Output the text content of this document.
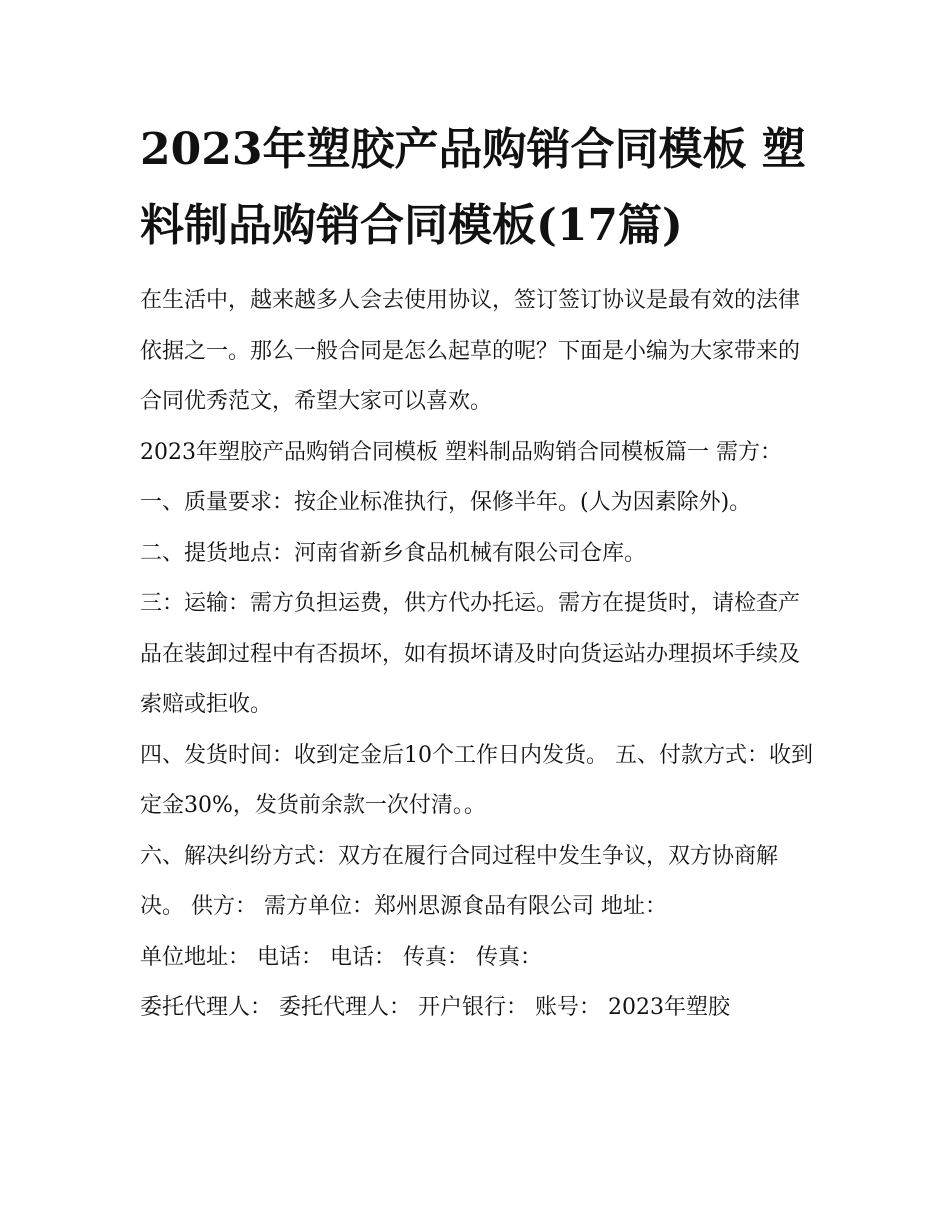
2023年塑胶产品购销合同模板 塑料制品购销合同模板(17篇)

在生活中，越来越多人会去使用协议，签订签订协议是最有效的法律依据之一。那么一般合同是怎么起草的呢？下面是小编为大家带来的合同优秀范文，希望大家可以喜欢。

2023年塑胶产品购销合同模板 塑料制品购销合同模板篇一 需方： 一、质量要求：按企业标准执行，保修半年。(人为因素除外)。

二、提货地点：河南省新乡食品机械有限公司仓库。

三：运输：需方负担运费，供方代办托运。需方在提货时，请检查产品在装卸过程中有否损坏，如有损坏请及时向货运站办理损坏手续及索赔或拒收。

四、发货时间：收到定金后10个工作日内发货。 五、付款方式：收到定金30%，发货前余款一次付清。。

六、解决纠纷方式：双方在履行合同过程中发生争议，双方协商解决。 供方： 需方单位：郑州思源食品有限公司 地址：

单位地址： 电话： 电话： 传真： 传真：

委托代理人： 委托代理人： 开户银行： 账号： 2023年塑胶
